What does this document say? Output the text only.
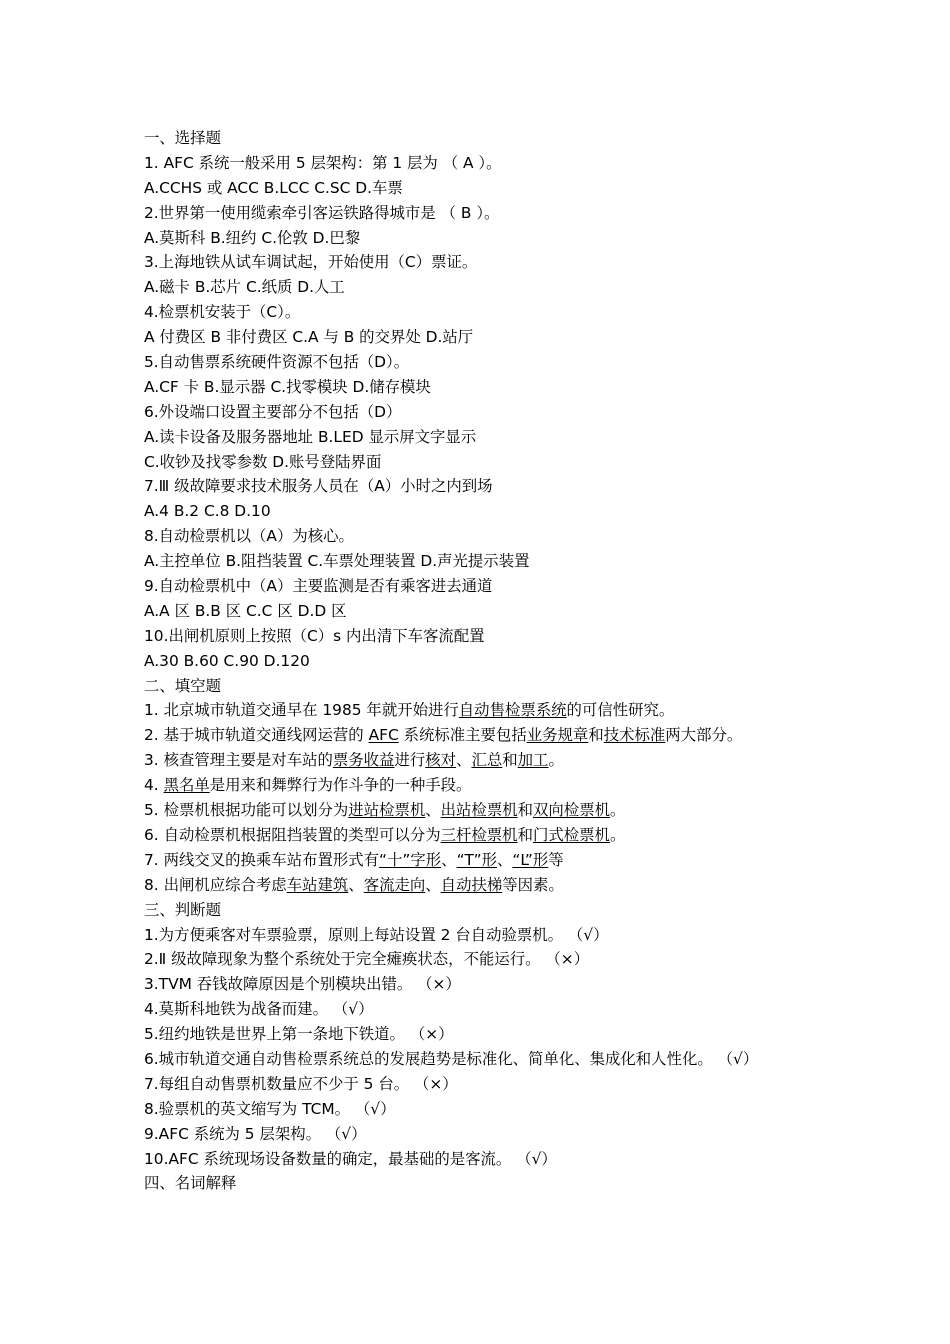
一、选择题
1. AFC 系统一般采用 5 层架构：第 1 层为 （ A ）。
A.CCHS 或 ACC B.LCC C.SC D.车票
2.世界第一使用缆索牵引客运铁路得城市是 （ B ）。
A.莫斯科 B.纽约 C.伦敦 D.巴黎
3.上海地铁从试车调试起，开始使用（C）票证。
A.磁卡 B.芯片 C.纸质 D.人工
4.检票机安装于（C）。
A 付费区 B 非付费区 C.A 与 B 的交界处 D.站厅
5.自动售票系统硬件资源不包括（D）。
A.CF 卡 B.显示器 C.找零模块 D.储存模块
6.外设端口设置主要部分不包括（D）
A.读卡设备及服务器地址 B.LED 显示屏文字显示
C.收钞及找零参数 D.账号登陆界面
7.Ⅲ 级故障要求技术服务人员在（A）小时之内到场
A.4 B.2 C.8 D.10
8.自动检票机以（A）为核心。
A.主控单位 B.阻挡装置 C.车票处理装置 D.声光提示装置
9.自动检票机中（A）主要监测是否有乘客进去通道
A.A 区 B.B 区 C.C 区 D.D 区
10.出闸机原则上按照（C）s 内出清下车客流配置
A.30 B.60 C.90 D.120
二、填空题
1. 北京城市轨道交通早在 1985 年就开始进行自动售检票系统的可信性研究。
2. 基于城市轨道交通线网运营的 AFC 系统标准主要包括业务规章和技术标准两大部分。
3. 核查管理主要是对车站的票务收益进行核对、汇总和加工。
4. 黑名单是用来和舞弊行为作斗争的一种手段。
5. 检票机根据功能可以划分为进站检票机、出站检票机和双向检票机。
6. 自动检票机根据阻挡装置的类型可以分为三杆检票机和门式检票机。
7. 两线交叉的换乘车站布置形式有“十”字形、“T”形、“L”形等
8. 出闸机应综合考虑车站建筑、客流走向、自动扶梯等因素。
三、判断题
1.为方便乘客对车票验票，原则上每站设置 2 台自动验票机。 （√）
2.Ⅱ 级故障现象为整个系统处于完全瘫痪状态，不能运行。 （×）
3.TVM 吞钱故障原因是个别模块出错。 （×）
4.莫斯科地铁为战备而建。 （√）
5.纽约地铁是世界上第一条地下铁道。 （×）
6.城市轨道交通自动售检票系统总的发展趋势是标准化、简单化、集成化和人性化。 （√）
7.每组自动售票机数量应不少于 5 台。 （×）
8.验票机的英文缩写为 TCM。 （√）
9.AFC 系统为 5 层架构。 （√）
10.AFC 系统现场设备数量的确定，最基础的是客流。 （√）
四、名词解释
